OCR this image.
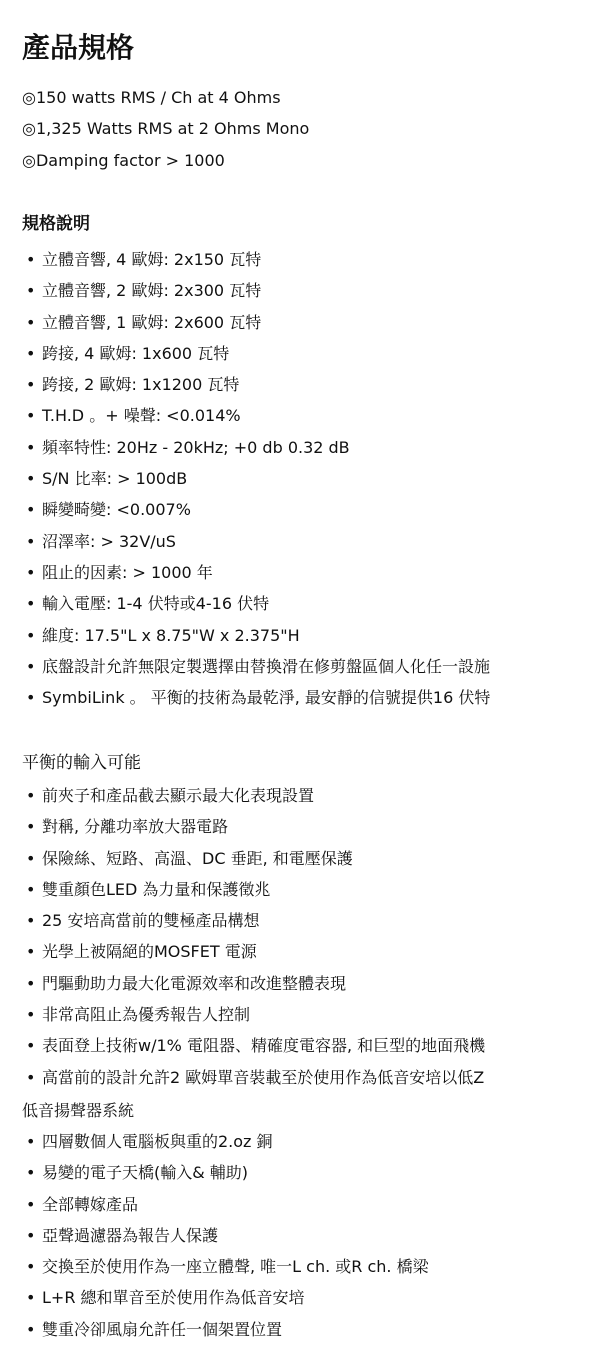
產品規格
◎150 watts RMS / Ch at 4 Ohms
◎1,325 Watts RMS at 2 Ohms Mono
◎Damping factor > 1000
規格說明
• 立體音響, 4 歐姆: 2x150 瓦特
• 立體音響, 2 歐姆: 2x300 瓦特
• 立體音響, 1 歐姆: 2x600 瓦特
• 跨接, 4 歐姆: 1x600 瓦特
• 跨接, 2 歐姆: 1x1200 瓦特
• T.H.D 。+ 噪聲: <0.014%
• 頻率特性: 20Hz - 20kHz; +0 db 0.32 dB
• S/N 比率: > 100dB
• 瞬變畸變: <0.007%
• 沼澤率: > 32V/uS
• 阻止的因素: > 1000 年
• 輸入電壓: 1-4 伏特或4-16 伏特
• 維度: 17.5"L x 8.75"W x 2.375"H
• 底盤設計允許無限定製選擇由替換滑在修剪盤區個人化任一設施
• SymbiLink 。 平衡的技術為最乾淨, 最安靜的信號提供16 伏特
平衡的輸入可能
• 前夾子和產品截去顯示最大化表現設置
• 對稱, 分離功率放大器電路
• 保險絲、短路、高溫、DC 垂距, 和電壓保護
• 雙重顏色LED 為力量和保護徵兆
• 25 安培高當前的雙極產品構想
• 光學上被隔絕的MOSFET 電源
• 門驅動助力最大化電源效率和改進整體表現
• 非常高阻止為優秀報告人控制
• 表面登上技術w/1% 電阻器、精確度電容器, 和巨型的地面飛機
• 高當前的設計允許2 歐姆單音裝載至於使用作為低音安培以低Z
低音揚聲器系統
• 四層數個人電腦板與重的2.oz 銅
• 易變的電子天橋(輸入& 輔助)
• 全部轉嫁產品
• 亞聲過濾器為報告人保護
• 交換至於使用作為一座立體聲, 唯一L ch. 或R ch. 橋梁
• L+R 總和單音至於使用作為低音安培
• 雙重冷卻風扇允許任一個架置位置
